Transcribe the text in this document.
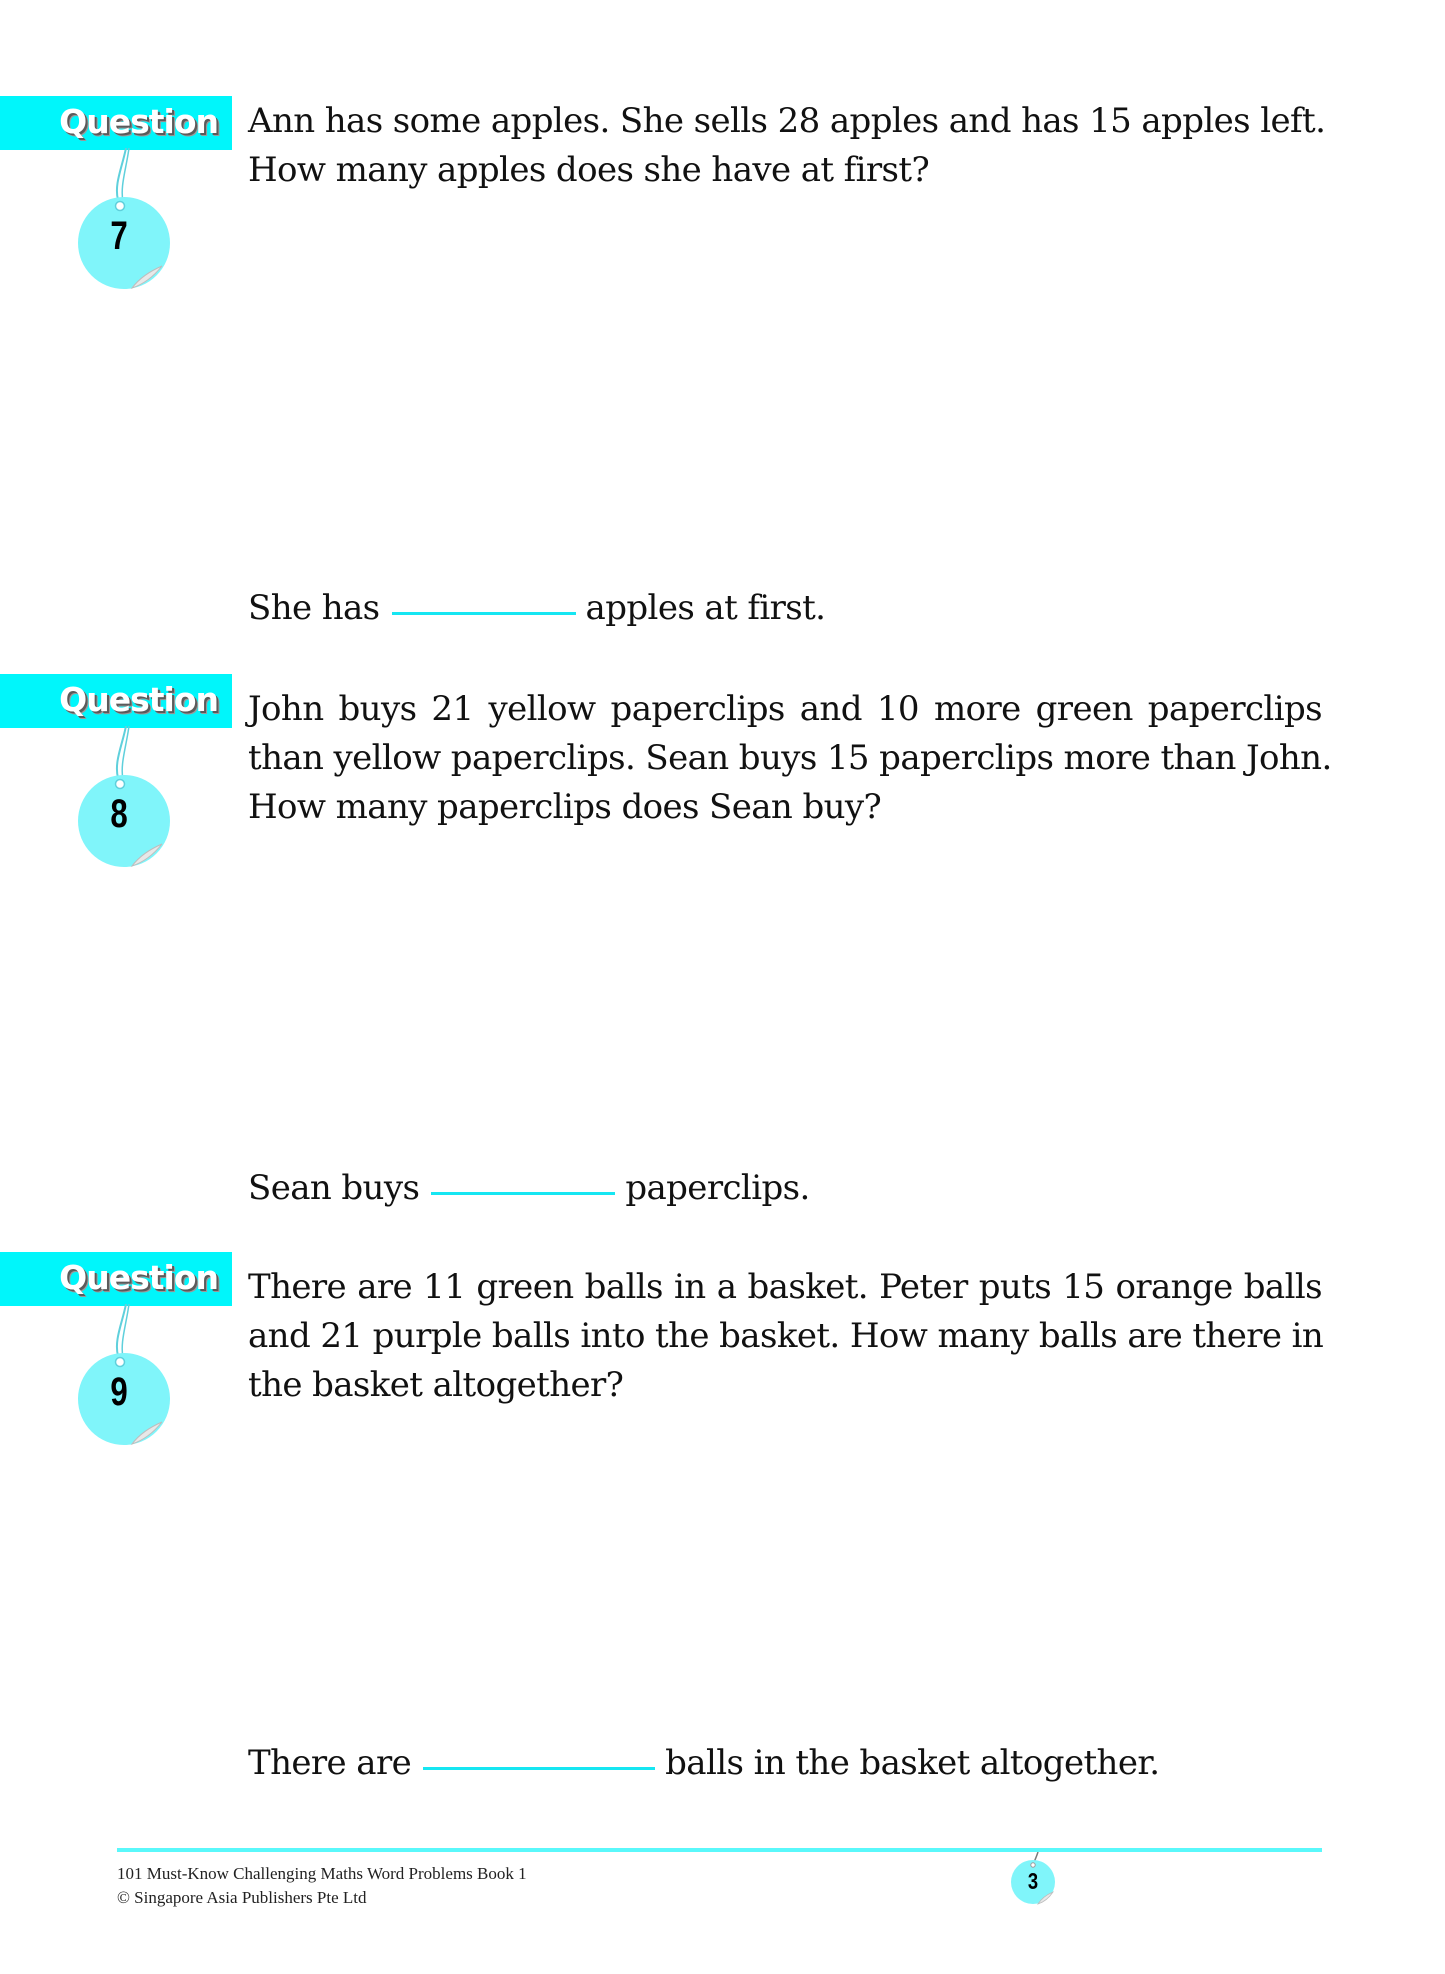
Question
7
Ann has some apples. She sells 28 apples and has 15 apples left.
How many apples does she have at first?
She has	apples at first.
Question
8
John buys 21 yellow paperclips and 10 more green paperclips
than yellow paperclips. Sean buys 15 paperclips more than John.
How many paperclips does Sean buy?
Sean buys	paperclips.
Question
9
There are 11 green balls in a basket. Peter puts 15 orange balls
and 21 purple balls into the basket. How many balls are there in
the basket altogether?
There are	balls in the basket altogether.
101 Must-Know Challenging Maths Word Problems Book 1
© Singapore Asia Publishers Pte Ltd
3
